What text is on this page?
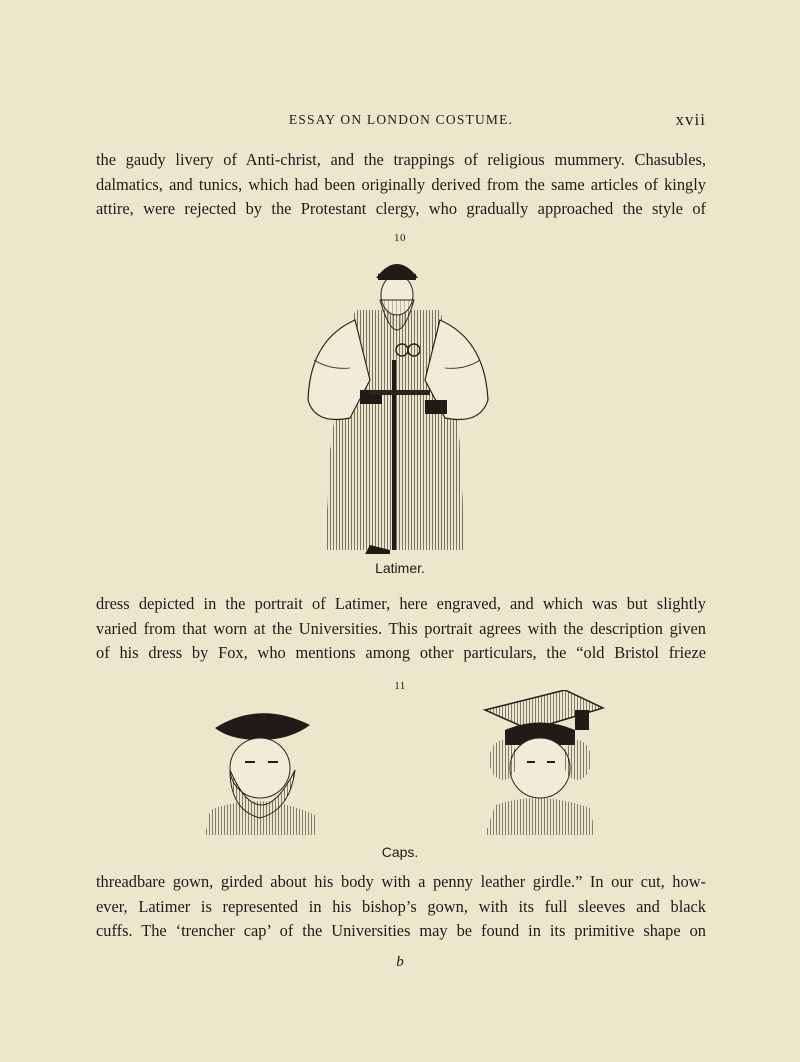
ESSAY ON LONDON COSTUME.	xvii
the gaudy livery of Anti-christ, and the trappings of religious mummery. Chasubles,
dalmatics, and tunics, which had been originally derived from the same articles of kingly
attire, were rejected by the Protestant clergy, who gradually approached the style of
10
Latimer.
dress depicted in the portrait of Latimer, here engraved, and which was but slightly
varied from that worn at the Universities. This portrait agrees with the description given
of his dress by Fox, who mentions among other particulars, the “old Bristol frieze
11
Caps.
threadbare gown, girded about his body with a penny leather girdle.” In our cut, how-
ever, Latimer is represented in his bishop’s gown, with its full sleeves and black
cuffs. The ‘trencher cap’ of the Universities may be found in its primitive shape on
b
